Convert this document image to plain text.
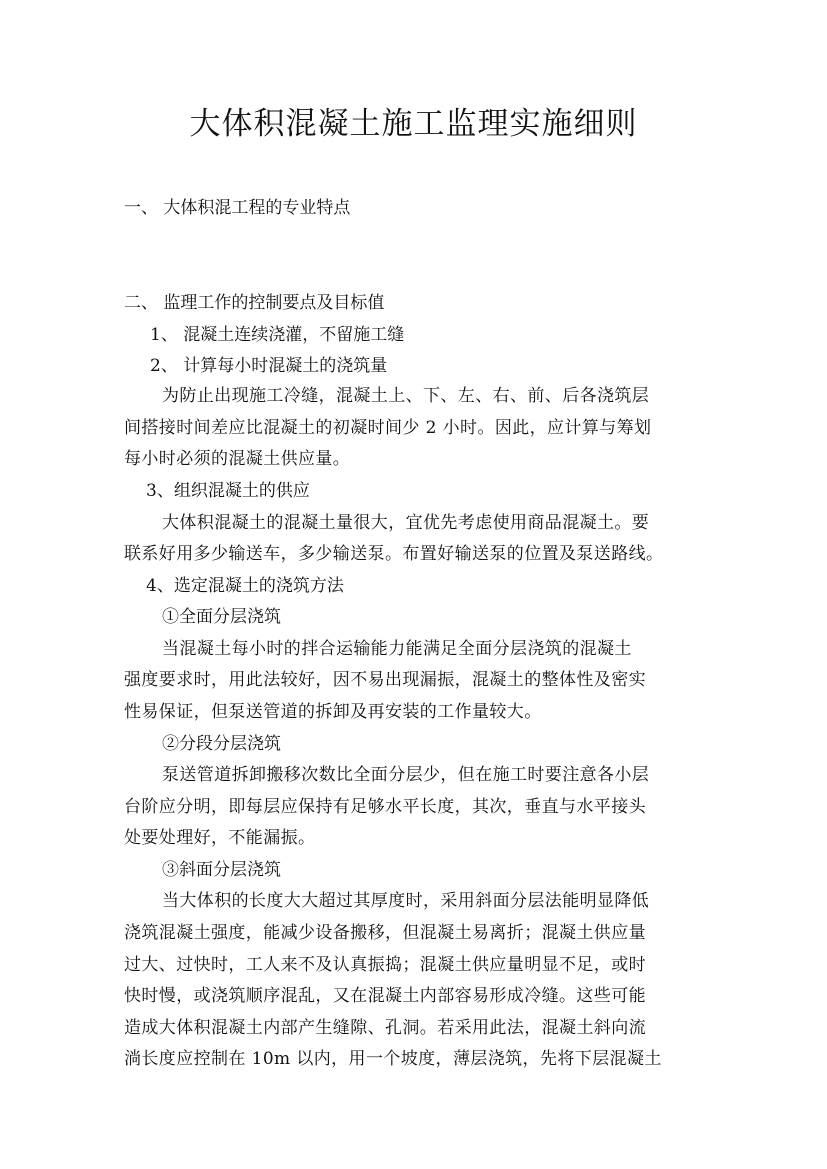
大体积混凝土施工监理实施细则
一、 大体积混工程的专业特点
二、 监理工作的控制要点及目标值
1、 混凝土连续浇灌，不留施工缝
2、 计算每小时混凝土的浇筑量
为防止出现施工冷缝，混凝土上、下、左、右、前、后各浇筑层
间搭接时间差应比混凝土的初凝时间少 2 小时。因此，应计算与筹划
每小时必须的混凝土供应量。
3、组织混凝土的供应
大体积混凝土的混凝土量很大，宜优先考虑使用商品混凝土。要
联系好用多少输送车，多少输送泵。布置好输送泵的位置及泵送路线。
4、选定混凝土的浇筑方法
①全面分层浇筑
当混凝土每小时的拌合运输能力能满足全面分层浇筑的混凝土
强度要求时，用此法较好，因不易出现漏振，混凝土的整体性及密实
性易保证，但泵送管道的拆卸及再安装的工作量较大。
②分段分层浇筑
泵送管道拆卸搬移次数比全面分层少，但在施工时要注意各小层
台阶应分明，即每层应保持有足够水平长度，其次，垂直与水平接头
处要处理好，不能漏振。
③斜面分层浇筑
当大体积的长度大大超过其厚度时，采用斜面分层法能明显降低
浇筑混凝土强度，能减少设备搬移，但混凝土易离折；混凝土供应量
过大、过快时，工人来不及认真振捣；混凝土供应量明显不足，或时
快时慢，或浇筑顺序混乱，又在混凝土内部容易形成冷缝。这些可能
造成大体积混凝土内部产生缝隙、孔洞。若采用此法，混凝土斜向流
淌长度应控制在 10m 以内，用一个坡度，薄层浇筑，先将下层混凝土
